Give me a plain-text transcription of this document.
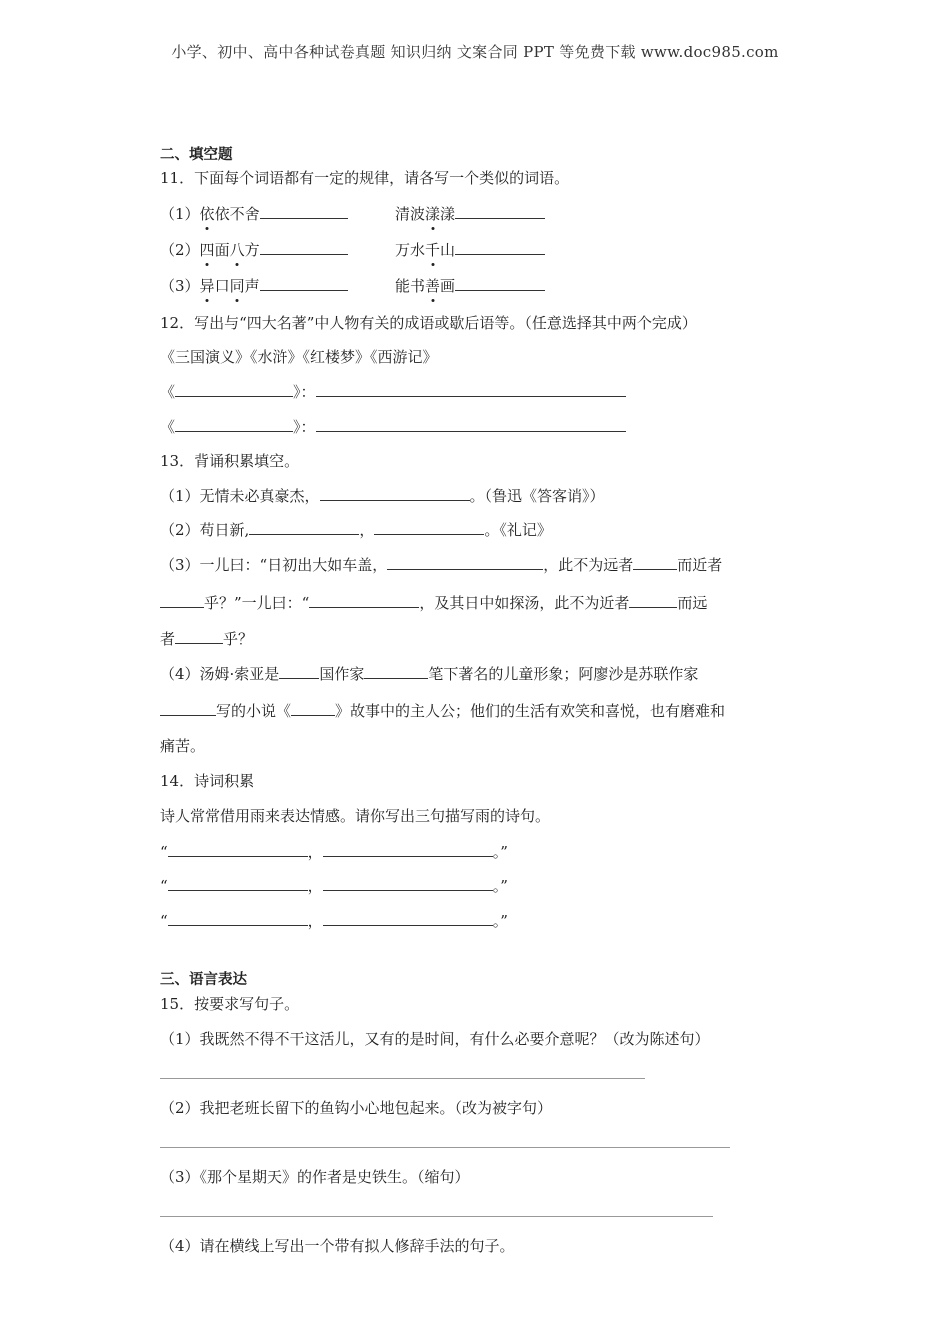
小学、初中、高中各种试卷真题 知识归纳 文案合同 PPT 等免费下载 www.doc985.com
二、填空题
11．下面每个词语都有一定的规律，请各写一个类似的词语。
（1）依依不舍	清波漾漾
（2）四面八方	万水千山
（3）异口同声	能书善画
12．写出与“四大名著”中人物有关的成语或歇后语等。（任意选择其中两个完成）
《三国演义》《水浒》《红楼梦》《西游记》
《	》：
《	》：
13．背诵积累填空。
（1）无情未必真豪杰，	。（鲁迅《答客诮》）
（2）苟日新,	，	。《礼记》
（3）一儿曰：“日初出大如车盖，	，此不为远者	而近者
乎？”一儿曰：“	，及其日中如探汤，此不为近者	而远
者	乎？
（4）汤姆·索亚是	国作家	笔下著名的儿童形象；阿廖沙是苏联作家
写的小说《	》故事中的主人公；他们的生活有欢笑和喜悦，也有磨难和
痛苦。
14．诗词积累
诗人常常借用雨来表达情感。请你写出三句描写雨的诗句。
“	，	。”
“	，	。”
“	，	。”
三、语言表达
15．按要求写句子。
（1）我既然不得不干这活儿，又有的是时间，有什么必要介意呢？（改为陈述句）
（2）我把老班长留下的鱼钩小心地包起来。（改为被字句）
（3）《那个星期天》的作者是史铁生。（缩句）
（4）请在横线上写出一个带有拟人修辞手法的句子。
